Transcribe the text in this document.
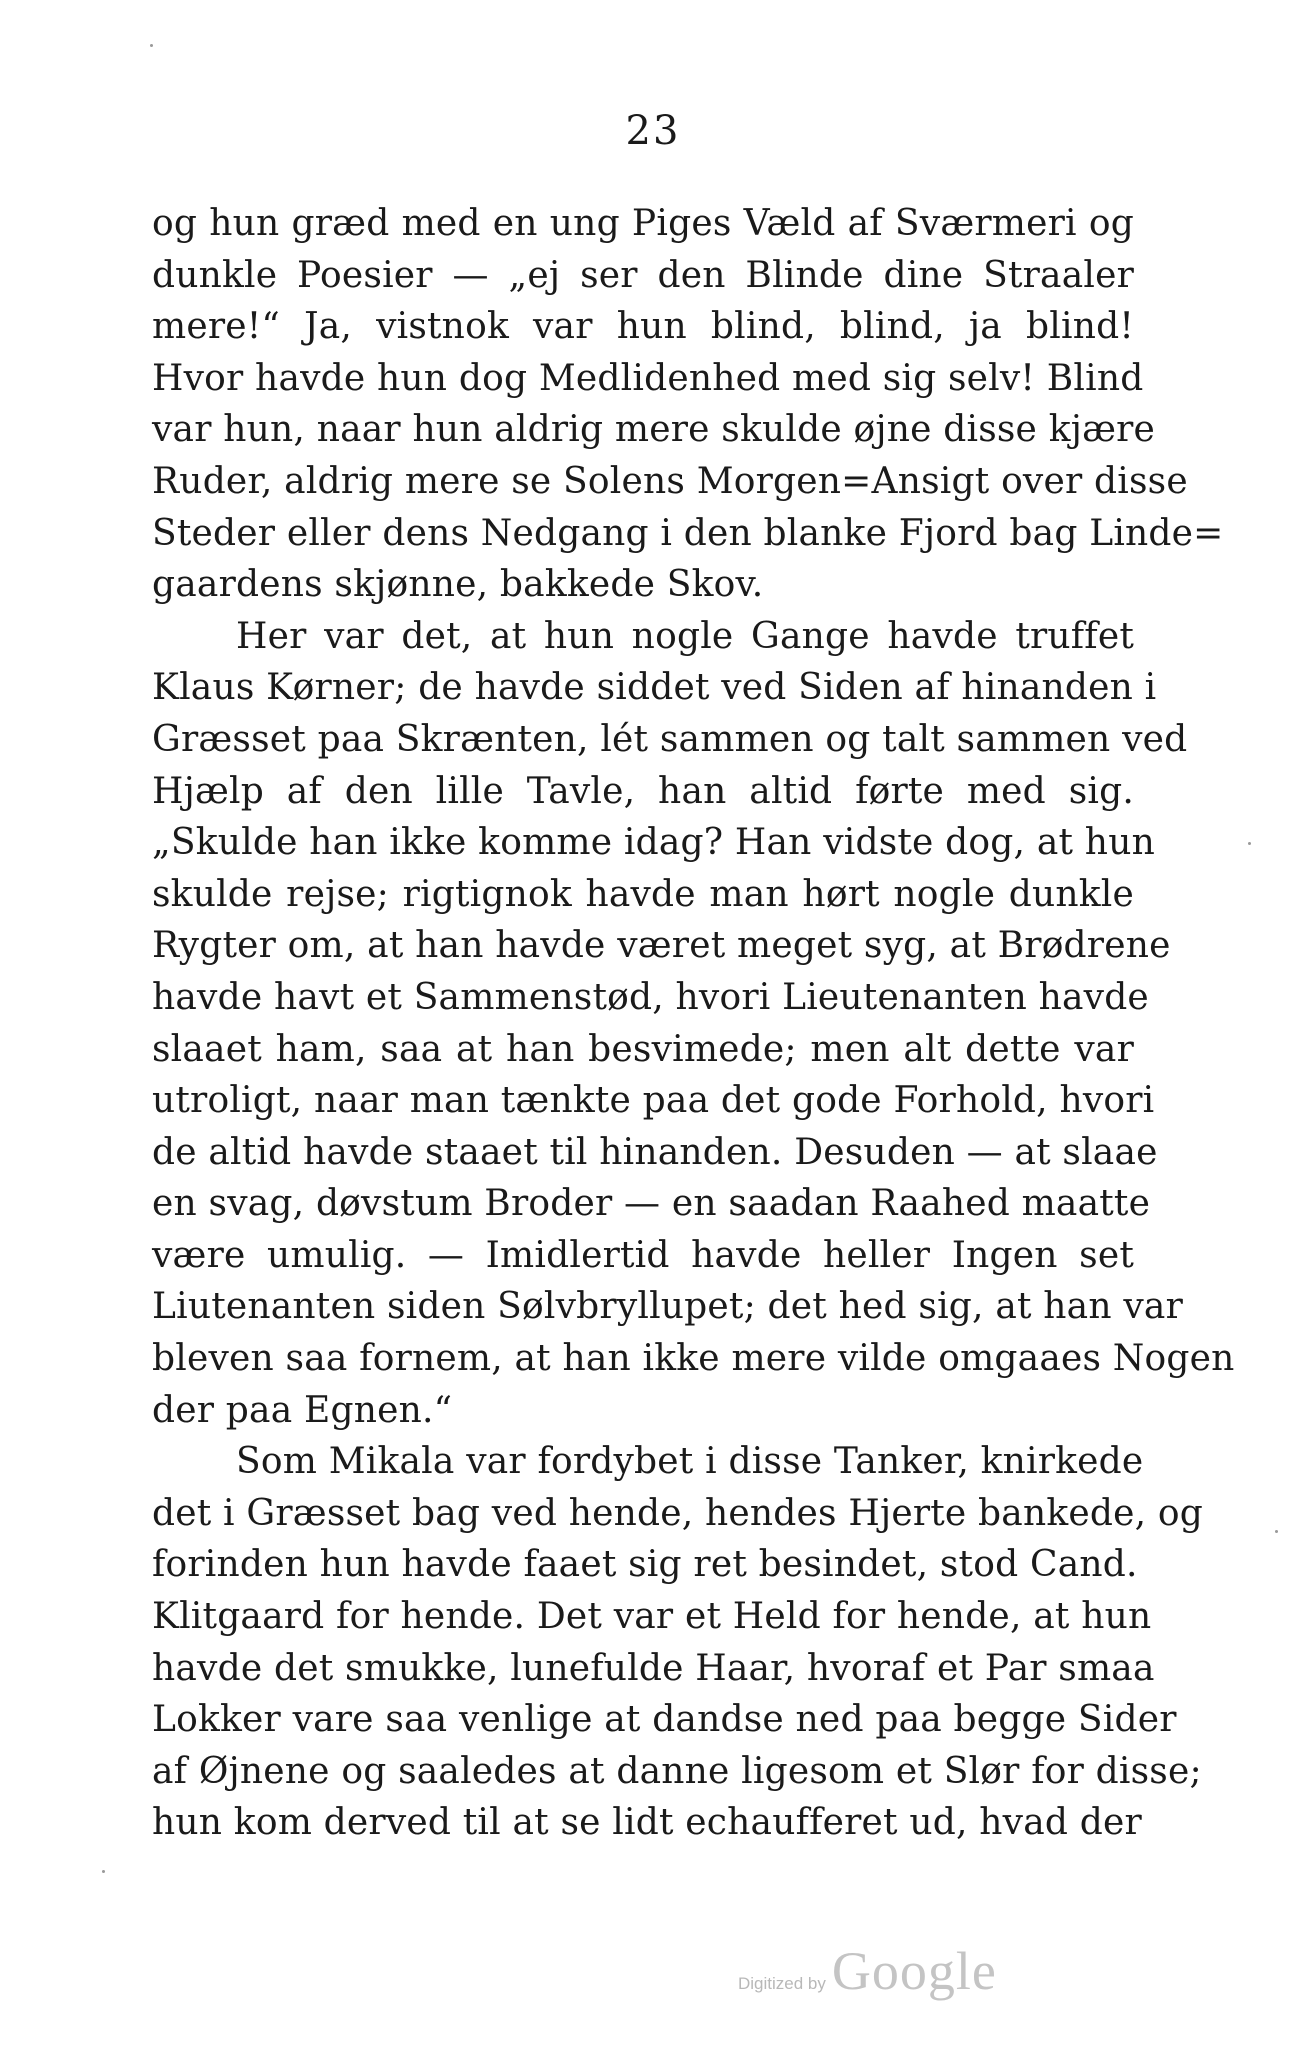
23
og hun græd med en ung Piges Væld af Sværmeri og
dunkle Poesier — „ej ser den Blinde dine Straaler
mere!“ Ja, vistnok var hun blind, blind, ja blind!
Hvor havde hun dog Medlidenhed med sig selv! Blind
var hun, naar hun aldrig mere skulde øjne disse kjære
Ruder, aldrig mere se Solens Morgen=Ansigt over disse
Steder eller dens Nedgang i den blanke Fjord bag Linde=
gaardens skjønne, bakkede Skov.
Her var det, at hun nogle Gange havde truffet
Klaus Kørner; de havde siddet ved Siden af hinanden i
Græsset paa Skrænten, lét sammen og talt sammen ved
Hjælp af den lille Tavle, han altid førte med sig.
„Skulde han ikke komme idag? Han vidste dog, at hun
skulde rejse; rigtignok havde man hørt nogle dunkle
Rygter om, at han havde været meget syg, at Brødrene
havde havt et Sammenstød, hvori Lieutenanten havde
slaaet ham, saa at han besvimede; men alt dette var
utroligt, naar man tænkte paa det gode Forhold, hvori
de altid havde staaet til hinanden. Desuden — at slaae
en svag, døvstum Broder — en saadan Raahed maatte
være umulig. — Imidlertid havde heller Ingen set
Liutenanten siden Sølvbryllupet; det hed sig, at han var
bleven saa fornem, at han ikke mere vilde omgaaes Nogen
der paa Egnen.“
Som Mikala var fordybet i disse Tanker, knirkede
det i Græsset bag ved hende, hendes Hjerte bankede, og
forinden hun havde faaet sig ret besindet, stod Cand.
Klitgaard for hende. Det var et Held for hende, at hun
havde det smukke, lunefulde Haar, hvoraf et Par smaa
Lokker vare saa venlige at dandse ned paa begge Sider
af Øjnene og saaledes at danne ligesom et Slør for disse;
hun kom derved til at se lidt echaufferet ud, hvad der
Digitized by Google
